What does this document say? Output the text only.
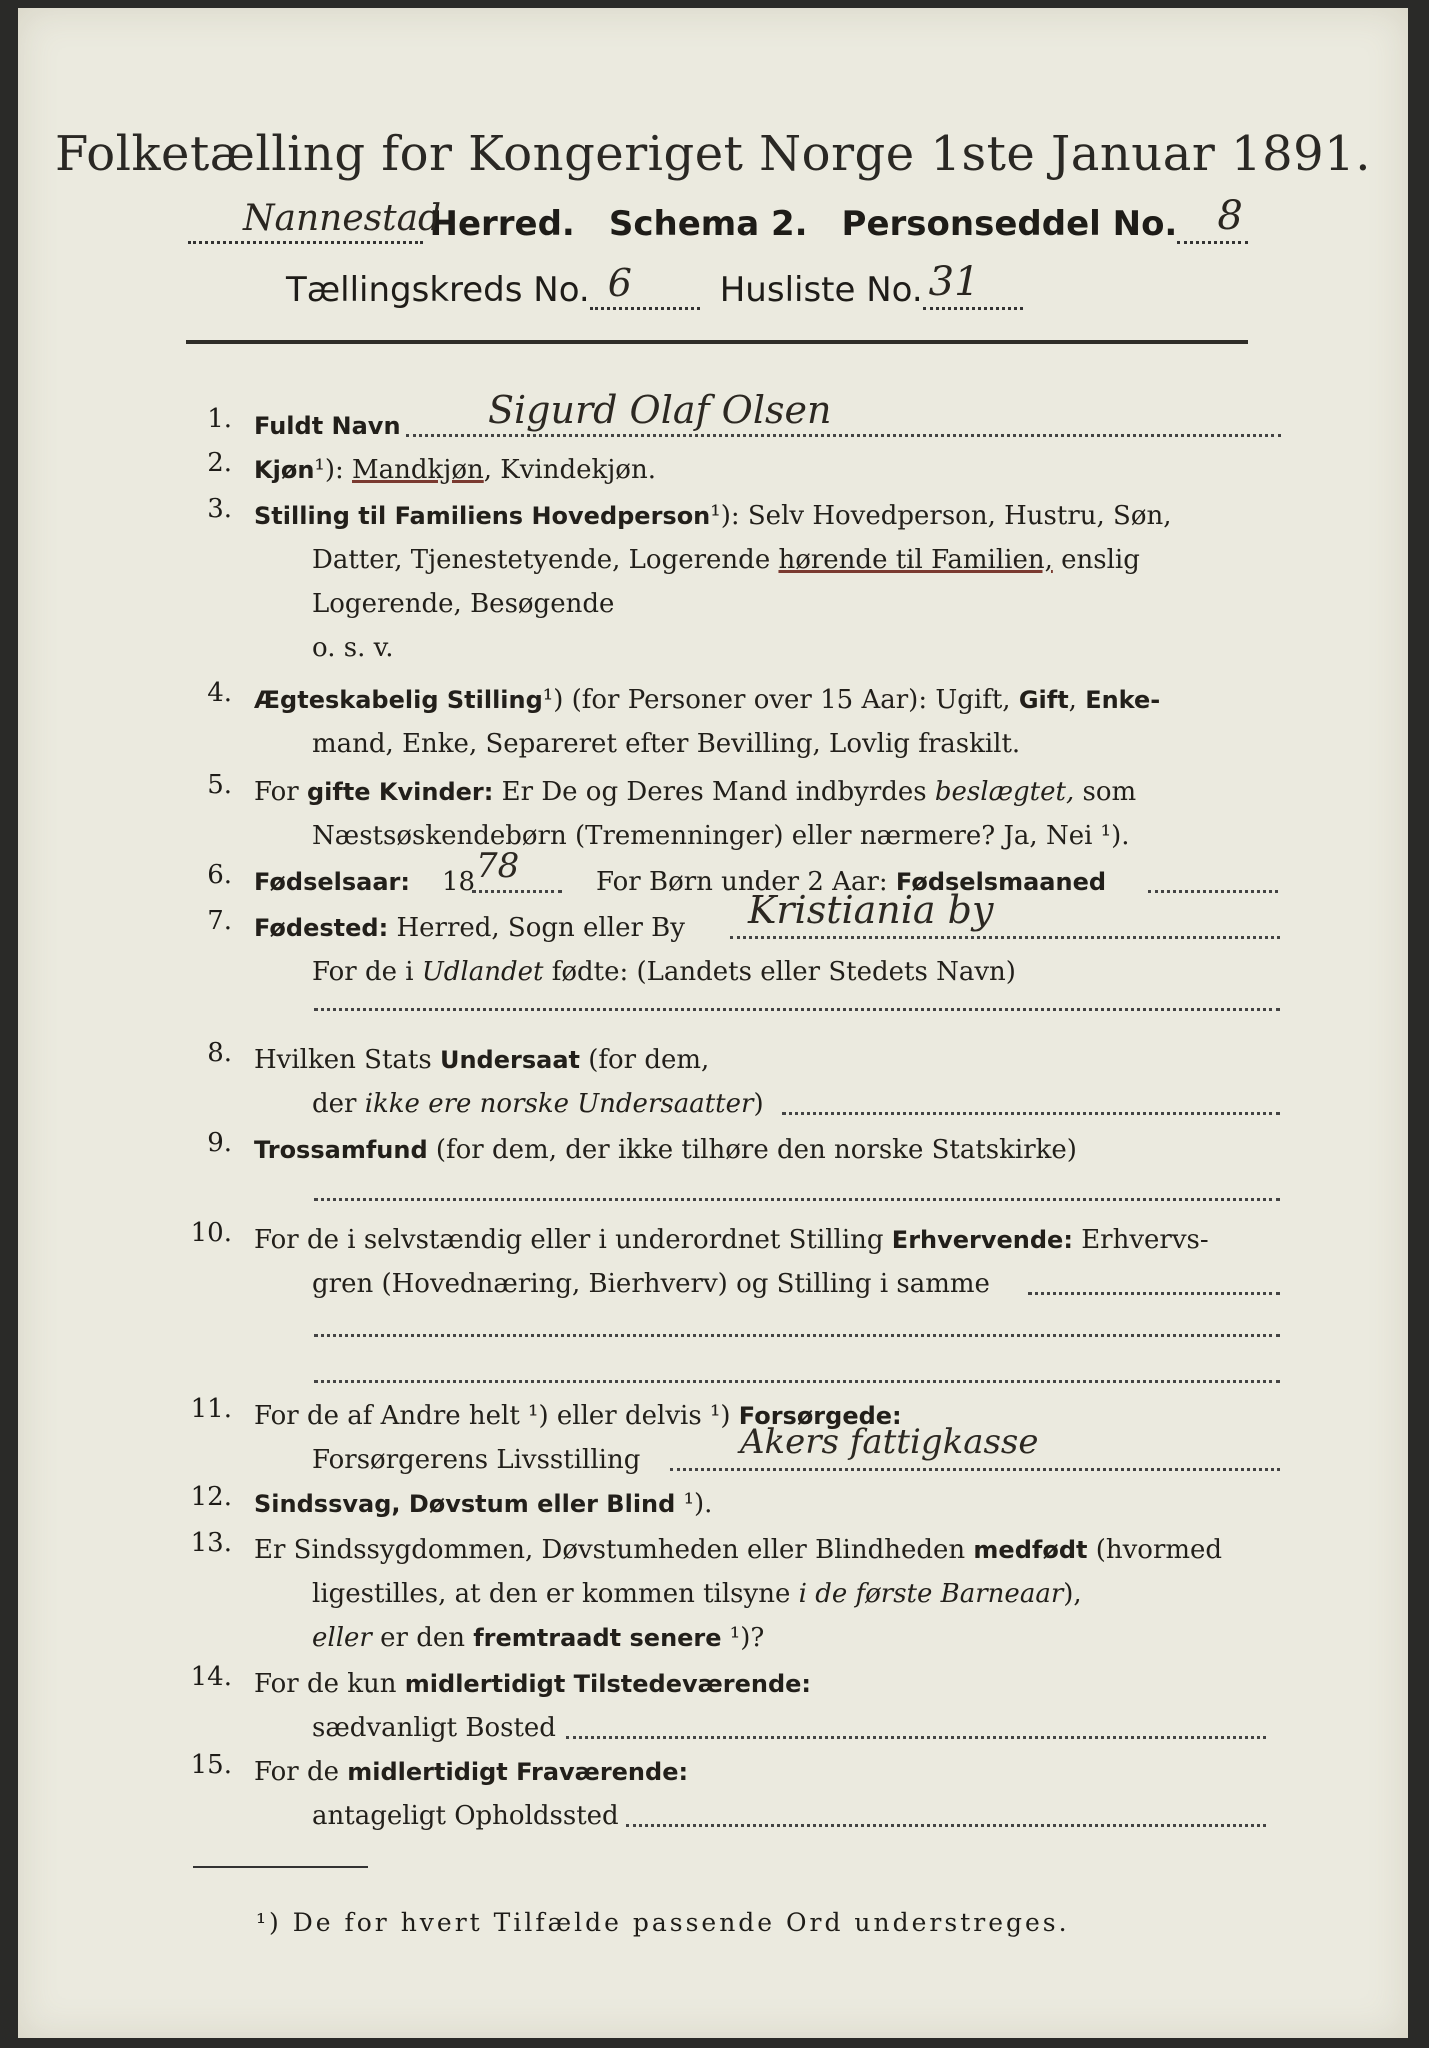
Folketælling for Kongeriget Norge 1ste Januar 1891.
Nannestad
Herred. Schema 2. Personseddel No. 8
Tællingskreds No. 6	Husliste No. 31
1. Fuldt Navn Sigurd Olaf Olsen
2. Kjøn¹): Mandkjøn, Kvindekjøn.
3. Stilling til Familiens Hovedperson¹): Selv Hovedperson, Hustru, Søn,
Datter, Tjenestetyende, Logerende hørende til Familien, enslig
Logerende, Besøgende
o. s. v.
4. Ægteskabelig Stilling¹) (for Personer over 15 Aar): Ugift, Gift, Enke-
mand, Enke, Separeret efter Bevilling, Lovlig fraskilt.
5. For gifte Kvinder: Er De og Deres Mand indbyrdes beslægtet, som
Næstsøskendebørn (Tremenninger) eller nærmere? Ja, Nei ¹).
6. Fødselsaar: 18 78	For Børn under 2 Aar: Fødselsmaaned
7. Fødested: Herred, Sogn eller By Kristiania by
For de i Udlandet fødte: (Landets eller Stedets Navn)
8. Hvilken Stats Undersaat (for dem,
der ikke ere norske Undersaatter)
9. Trossamfund (for dem, der ikke tilhøre den norske Statskirke)
10. For de i selvstændig eller i underordnet Stilling Erhvervende: Erhvervs-
gren (Hovednæring, Bierhverv) og Stilling i samme
11. For de af Andre helt ¹) eller delvis ¹) Forsørgede:
Forsørgerens Livsstilling	Akers fattigkasse
12. Sindssvag, Døvstum eller Blind ¹).
13. Er Sindssygdommen, Døvstumheden eller Blindheden medfødt (hvormed
ligestilles, at den er kommen tilsyne i de første Barneaar),
eller er den fremtraadt senere ¹)?
14. For de kun midlertidigt Tilstedeværende:
sædvanligt Bosted
15. For de midlertidigt Fraværende:
antageligt Opholdssted
¹) De for hvert Tilfælde passende Ord understreges.
